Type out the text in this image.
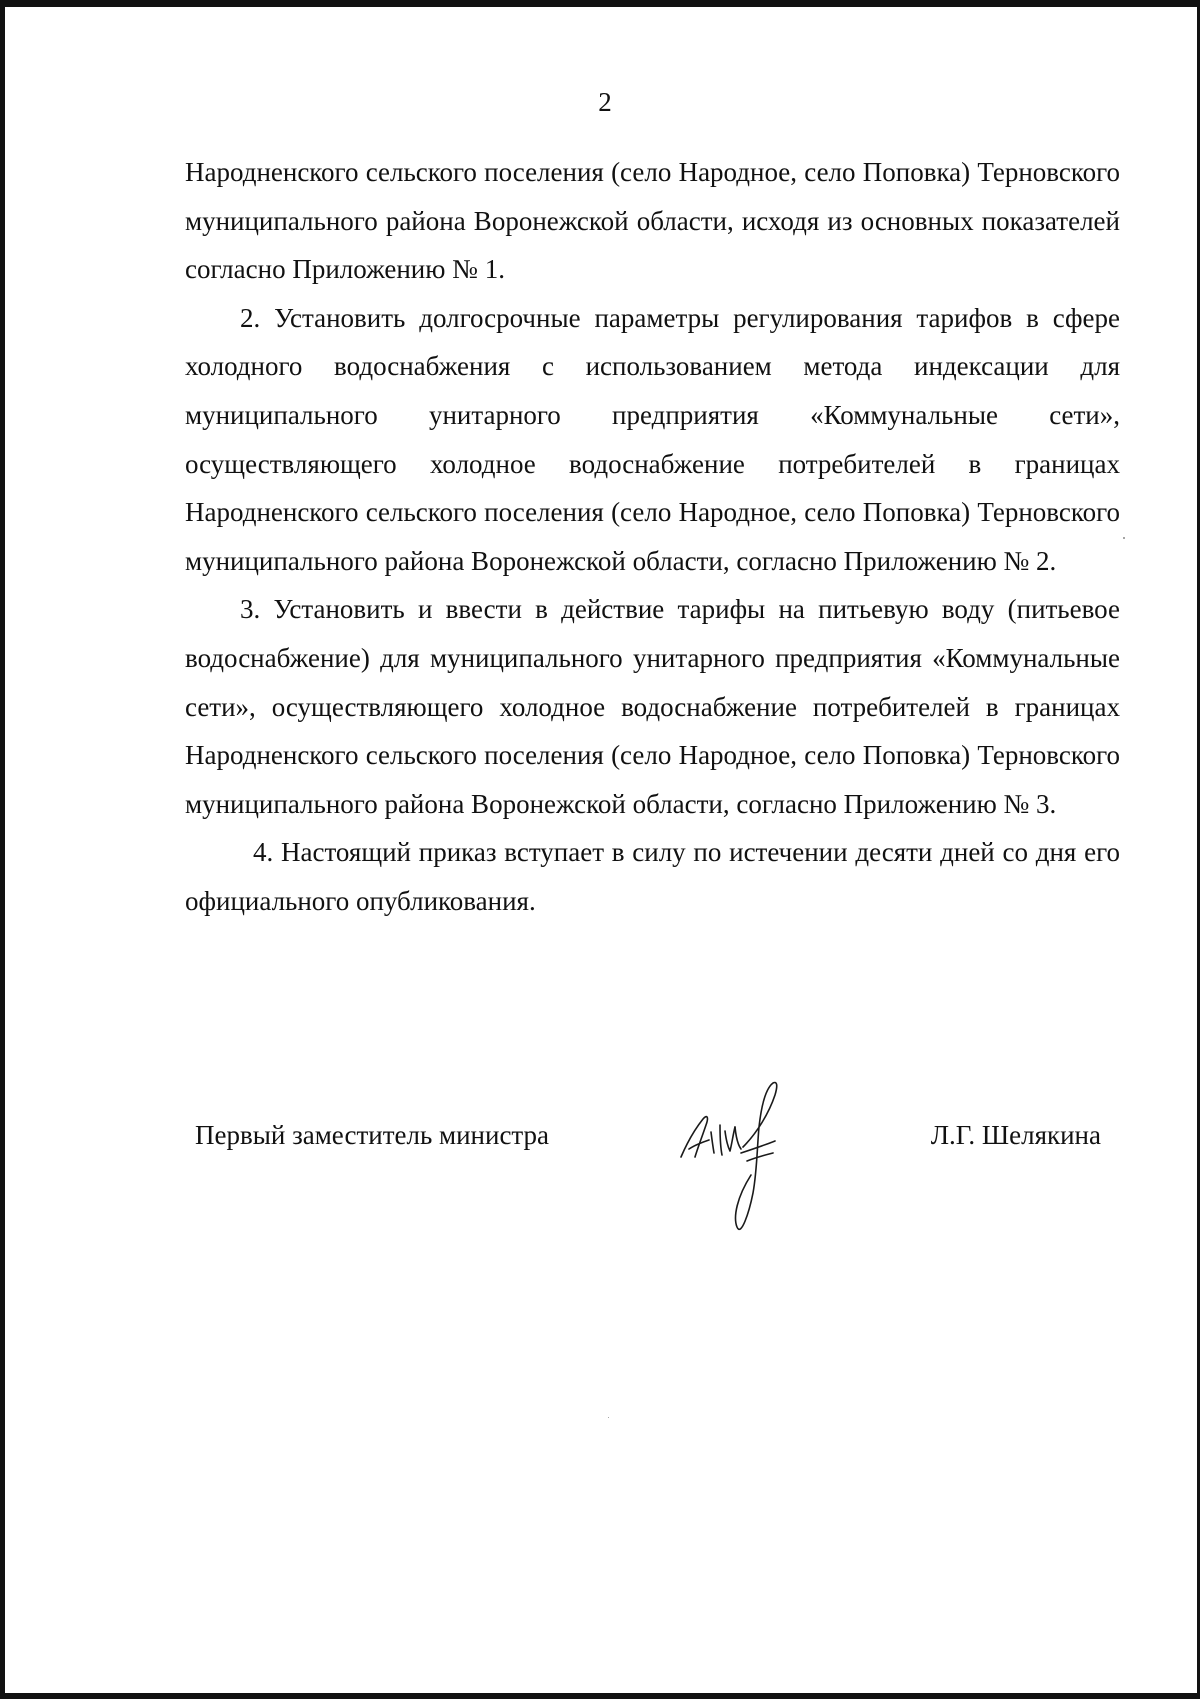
2

Народненского сельского поселения (село Народное, село Поповка) Терновского муниципального района Воронежской области, исходя из основных показателей согласно Приложению № 1.

2. Установить долгосрочные параметры регулирования тарифов в сфере холодного водоснабжения с использованием метода индексации для муниципального унитарного предприятия «Коммунальные сети», осуществляющего холодное водоснабжение потребителей в границах Народненского сельского поселения (село Народное, село Поповка) Терновского муниципального района Воронежской области, согласно Приложению № 2.

3. Установить и ввести в действие тарифы на питьевую воду (питьевое водоснабжение) для муниципального унитарного предприятия «Коммунальные сети», осуществляющего холодное водоснабжение потребителей в границах Народненского сельского поселения (село Народное, село Поповка) Терновского муниципального района Воронежской области, согласно Приложению № 3.

4. Настоящий приказ вступает в силу по истечении десяти дней со дня его официального опубликования.

Первый заместитель министра	Л.Г. Шелякина
